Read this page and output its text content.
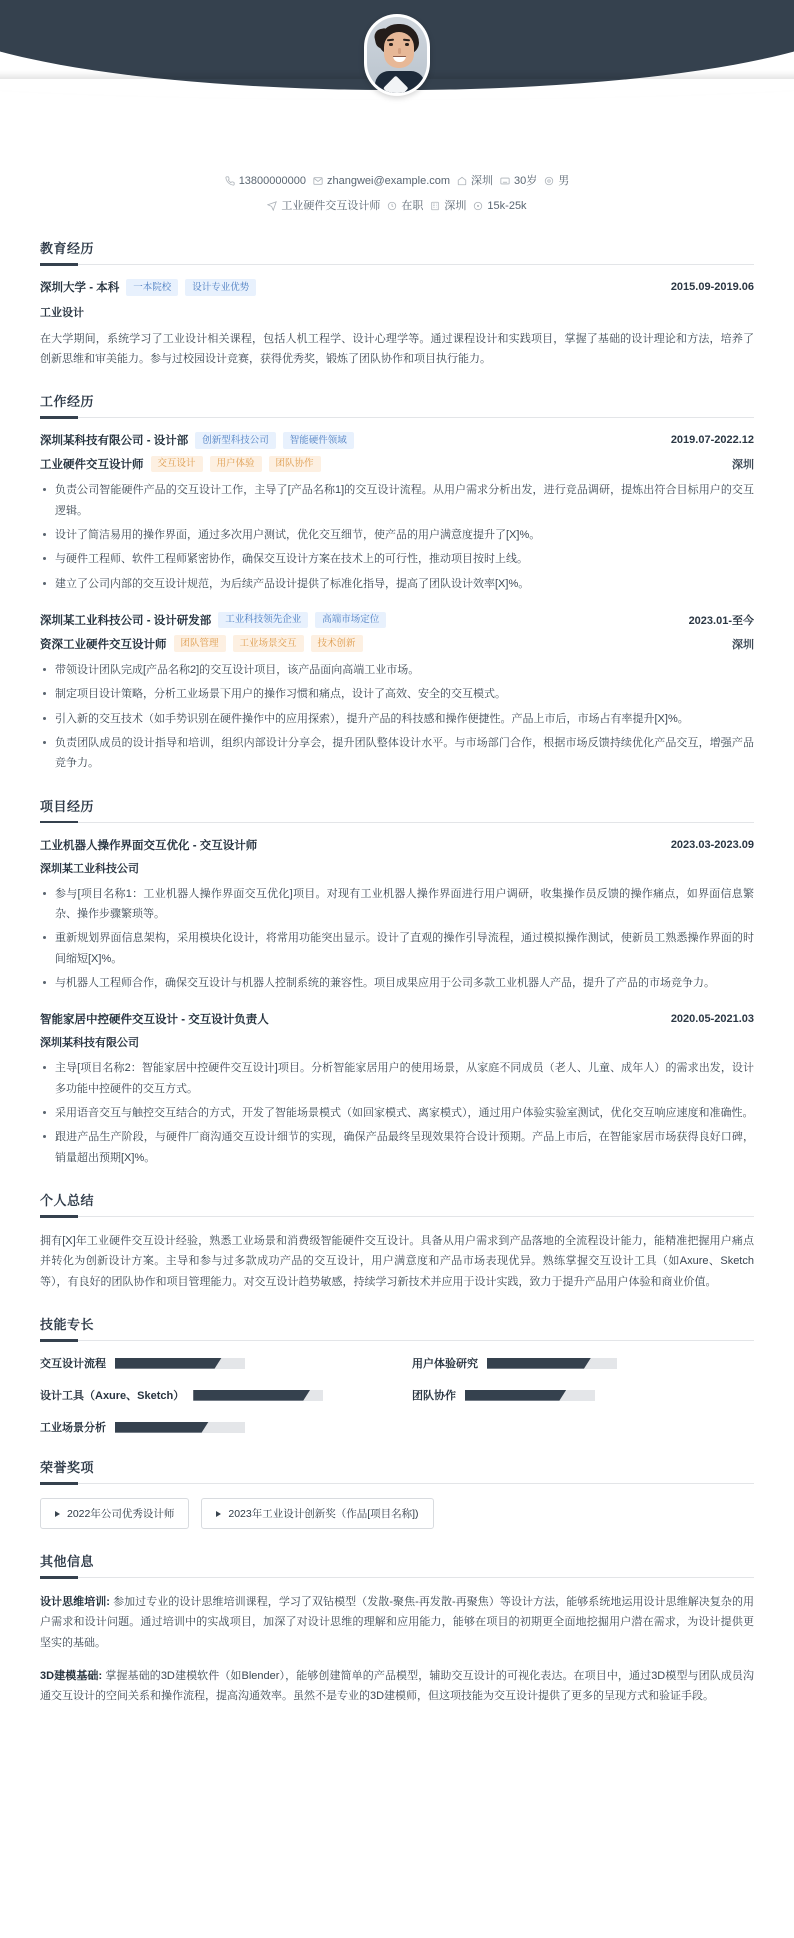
简小全
13800000000 zhangwei@example.com 深圳 30岁 男
工业硬件交互设计师 在职 深圳 15k-25k
教育经历
深圳大学 - 本科	一本院校	设计专业优势	2015.09-2019.06
工业设计
在大学期间，系统学习了工业设计相关课程，包括人机工程学、设计心理学等。通过课程设计和实践项目，掌握了基础的设计理论和方法，培养了创新思维和审美能力。参与过校园设计竞赛，获得优秀奖，锻炼了团队协作和项目执行能力。
工作经历
深圳某科技有限公司 - 设计部	创新型科技公司	智能硬件领域	2019.07-2022.12
工业硬件交互设计师	交互设计	用户体验	团队协作	深圳
负责公司智能硬件产品的交互设计工作，主导了[产品名称1]的交互设计流程。从用户需求分析出发，进行竞品调研，提炼出符合目标用户的交互逻辑。
设计了简洁易用的操作界面，通过多次用户测试，优化交互细节，使产品的用户满意度提升了[X]%。
与硬件工程师、软件工程师紧密协作，确保交互设计方案在技术上的可行性，推动项目按时上线。
建立了公司内部的交互设计规范，为后续产品设计提供了标准化指导，提高了团队设计效率[X]%。
深圳某工业科技公司 - 设计研发部	工业科技领先企业	高端市场定位	2023.01-至今
资深工业硬件交互设计师	团队管理	工业场景交互	技术创新	深圳
带领设计团队完成[产品名称2]的交互设计项目，该产品面向高端工业市场。
制定项目设计策略，分析工业场景下用户的操作习惯和痛点，设计了高效、安全的交互模式。
引入新的交互技术（如手势识别在硬件操作中的应用探索），提升产品的科技感和操作便捷性。产品上市后，市场占有率提升[X]%。
负责团队成员的设计指导和培训，组织内部设计分享会，提升团队整体设计水平。与市场部门合作，根据市场反馈持续优化产品交互，增强产品竞争力。
项目经历
工业机器人操作界面交互优化 - 交互设计师	2023.03-2023.09
深圳某工业科技公司
参与[项目名称1：工业机器人操作界面交互优化]项目。对现有工业机器人操作界面进行用户调研，收集操作员反馈的操作痛点，如界面信息繁杂、操作步骤繁琐等。
重新规划界面信息架构，采用模块化设计，将常用功能突出显示。设计了直观的操作引导流程，通过模拟操作测试，使新员工熟悉操作界面的时间缩短[X]%。
与机器人工程师合作，确保交互设计与机器人控制系统的兼容性。项目成果应用于公司多款工业机器人产品，提升了产品的市场竞争力。
智能家居中控硬件交互设计 - 交互设计负责人	2020.05-2021.03
深圳某科技有限公司
主导[项目名称2：智能家居中控硬件交互设计]项目。分析智能家居用户的使用场景，从家庭不同成员（老人、儿童、成年人）的需求出发，设计多功能中控硬件的交互方式。
采用语音交互与触控交互结合的方式，开发了智能场景模式（如回家模式、离家模式），通过用户体验实验室测试，优化交互响应速度和准确性。
跟进产品生产阶段，与硬件厂商沟通交互设计细节的实现，确保产品最终呈现效果符合设计预期。产品上市后，在智能家居市场获得良好口碑，销量超出预期[X]%。
个人总结
拥有[X]年工业硬件交互设计经验，熟悉工业场景和消费级智能硬件交互设计。具备从用户需求到产品落地的全流程设计能力，能精准把握用户痛点并转化为创新设计方案。主导和参与过多款成功产品的交互设计，用户满意度和产品市场表现优异。熟练掌握交互设计工具（如Axure、Sketch等），有良好的团队协作和项目管理能力。对交互设计趋势敏感，持续学习新技术并应用于设计实践，致力于提升产品用户体验和商业价值。
技能专长
交互设计流程	用户体验研究
设计工具（Axure、Sketch）	团队协作
工业场景分析
荣誉奖项
2022年公司优秀设计师	2023年工业设计创新奖（作品[项目名称])
其他信息
设计思维培训: 参加过专业的设计思维培训课程，学习了双钻模型（发散-聚焦-再发散-再聚焦）等设计方法，能够系统地运用设计思维解决复杂的用户需求和设计问题。通过培训中的实战项目，加深了对设计思维的理解和应用能力，能够在项目的初期更全面地挖掘用户潜在需求，为设计提供更坚实的基础。
3D建模基础: 掌握基础的3D建模软件（如Blender），能够创建简单的产品模型，辅助交互设计的可视化表达。在项目中，通过3D模型与团队成员沟通交互设计的空间关系和操作流程，提高沟通效率。虽然不是专业的3D建模师，但这项技能为交互设计提供了更多的呈现方式和验证手段。
